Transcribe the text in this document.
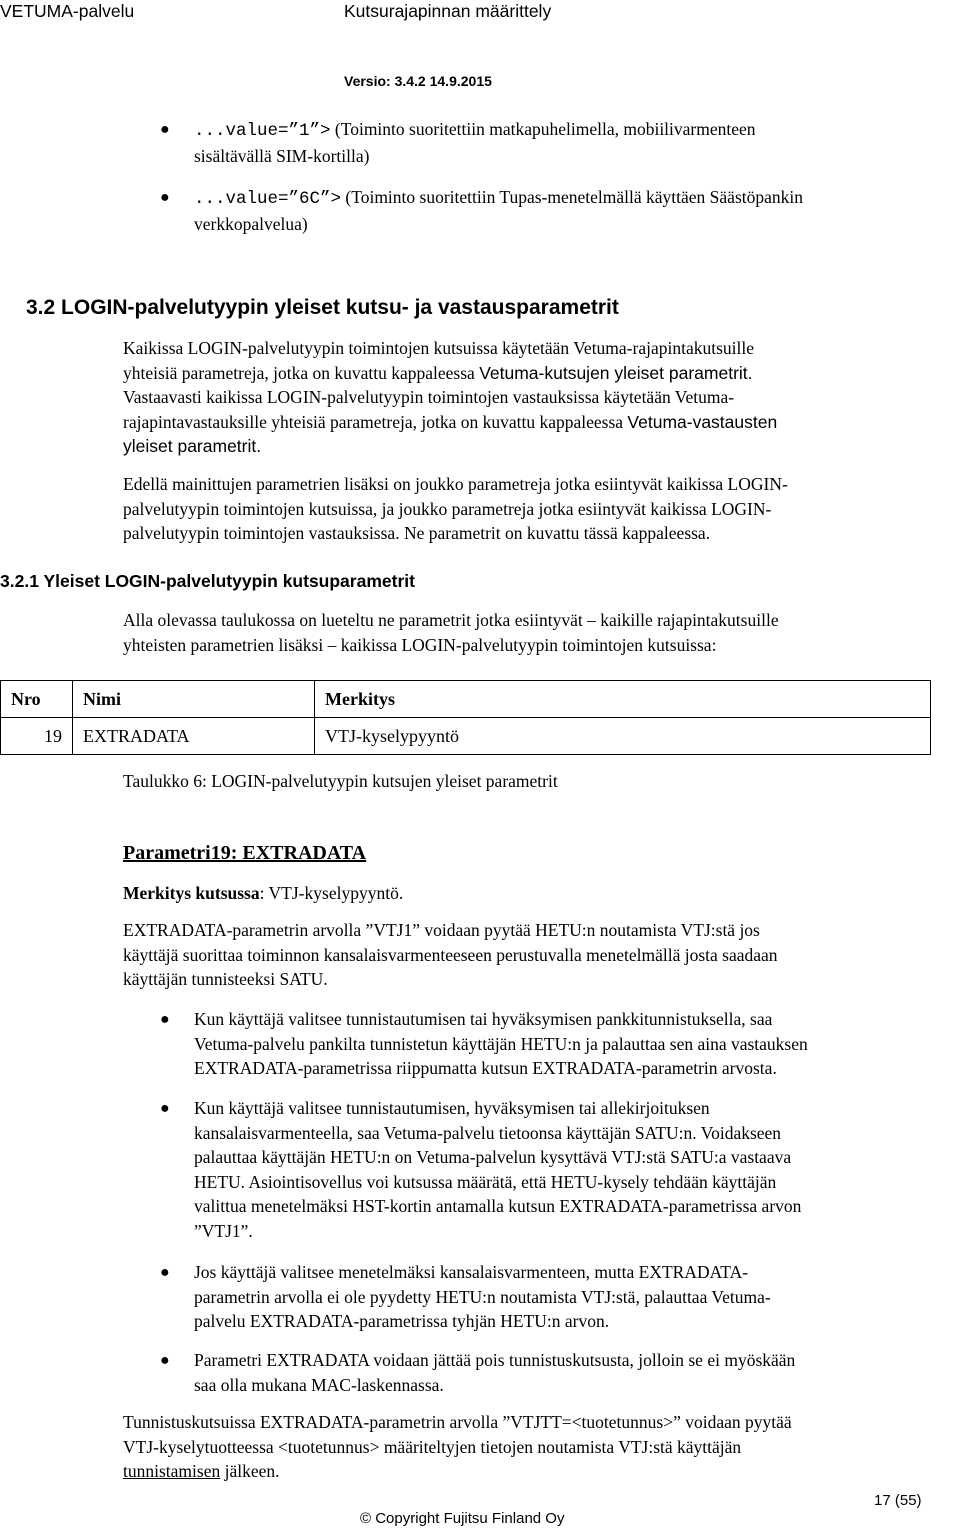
VETUMA-palvelu	Kutsurajapinnan määrittely
Versio: 3.4.2 14.9.2015
● ...value=”1”> (Toiminto suoritettiin matkapuhelimella, mobiilivarmenteen
sisältävällä SIM-kortilla)
● ...value=”6C”> (Toiminto suoritettiin Tupas-menetelmällä käyttäen Säästöpankin
verkkopalvelua)
3.2 LOGIN-palvelutyypin yleiset kutsu- ja vastausparametrit
Kaikissa LOGIN-palvelutyypin toimintojen kutsuissa käytetään Vetuma-rajapintakutsuille
yhteisiä parametreja, jotka on kuvattu kappaleessa Vetuma-kutsujen yleiset parametrit.
Vastaavasti kaikissa LOGIN-palvelutyypin toimintojen vastauksissa käytetään Vetuma-
rajapintavastauksille yhteisiä parametreja, jotka on kuvattu kappaleessa Vetuma-vastausten
yleiset parametrit.
Edellä mainittujen parametrien lisäksi on joukko parametreja jotka esiintyvät kaikissa LOGIN-
palvelutyypin toimintojen kutsuissa, ja joukko parametreja jotka esiintyvät kaikissa LOGIN-
palvelutyypin toimintojen vastauksissa. Ne parametrit on kuvattu tässä kappaleessa.
3.2.1 Yleiset LOGIN-palvelutyypin kutsuparametrit
Alla olevassa taulukossa on lueteltu ne parametrit jotka esiintyvät – kaikille rajapintakutsuille
yhteisten parametrien lisäksi – kaikissa LOGIN-palvelutyypin toimintojen kutsuissa:
Nro	Nimi	Merkitys
19	EXTRADATA	VTJ-kyselypyyntö
Taulukko 6: LOGIN-palvelutyypin kutsujen yleiset parametrit
Parametri19: EXTRADATA
Merkitys kutsussa: VTJ-kyselypyyntö.
EXTRADATA-parametrin arvolla ”VTJ1” voidaan pyytää HETU:n noutamista VTJ:stä jos
käyttäjä suorittaa toiminnon kansalaisvarmenteeseen perustuvalla menetelmällä josta saadaan
käyttäjän tunnisteeksi SATU.
● Kun käyttäjä valitsee tunnistautumisen tai hyväksymisen pankkitunnistuksella, saa
Vetuma-palvelu pankilta tunnistetun käyttäjän HETU:n ja palauttaa sen aina vastauksen
EXTRADATA-parametrissa riippumatta kutsun EXTRADATA-parametrin arvosta.
● Kun käyttäjä valitsee tunnistautumisen, hyväksymisen tai allekirjoituksen
kansalaisvarmenteella, saa Vetuma-palvelu tietoonsa käyttäjän SATU:n. Voidakseen
palauttaa käyttäjän HETU:n on Vetuma-palvelun kysyttävä VTJ:stä SATU:a vastaava
HETU. Asiointisovellus voi kutsussa määrätä, että HETU-kysely tehdään käyttäjän
valittua menetelmäksi HST-kortin antamalla kutsun EXTRADATA-parametrissa arvon
”VTJ1”.
● Jos käyttäjä valitsee menetelmäksi kansalaisvarmenteen, mutta EXTRADATA-
parametrin arvolla ei ole pyydetty HETU:n noutamista VTJ:stä, palauttaa Vetuma-
palvelu EXTRADATA-parametrissa tyhjän HETU:n arvon.
● Parametri EXTRADATA voidaan jättää pois tunnistuskutsusta, jolloin se ei myöskään
saa olla mukana MAC-laskennassa.
Tunnistuskutsuissa EXTRADATA-parametrin arvolla ”VTJTT=<tuotetunnus>” voidaan pyytää
VTJ-kyselytuotteessa <tuotetunnus> määriteltyjen tietojen noutamista VTJ:stä käyttäjän
tunnistamisen jälkeen.
17 (55)
© Copyright Fujitsu Finland Oy
